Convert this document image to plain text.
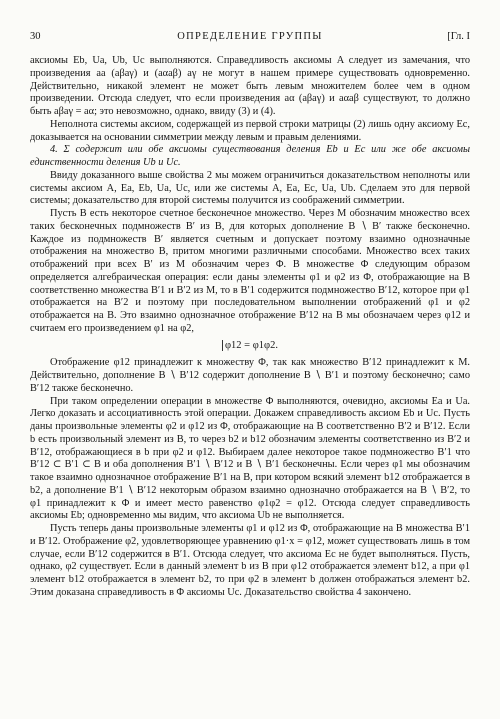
30	ОПРЕДЕЛЕНИЕ ГРУППЫ	[Гл. I

аксиомы Eb, Ua, Ub, Uc выполняются. Справедливость аксиомы A следует из замечания, что произведения aa (aβaγ) и (aαaβ) aγ не могут в нашем примере существовать одновременно. Действительно, никакой элемент не может быть левым множителем более чем в одном произведении. Отсюда следует, что если произведения aα (aβaγ) и aαaβ существуют, то должно быть aβaγ = aα; это невозможно, однако, ввиду (3) и (4).

Неполнота системы аксиом, содержащей из первой строки матрицы (2) лишь одну аксиому Ec, доказывается на основании симметрии между левым и правым делениями.

4. Σ содержит или обе аксиомы существования деления Eb и Ec или же обе аксиомы единственности деления Ub и Uc.

Ввиду доказанного выше свойства 2 мы можем ограничиться доказательством неполноты или системы аксиом A, Ea, Eb, Ua, Uc, или же системы A, Ea, Ec, Ua, Ub. Сделаем это для первой системы; доказательство для второй системы получится из соображений симметрии.

Пусть B есть некоторое счетное бесконечное множество. Через M обозначим множество всех таких бесконечных подмножеств B′ из B, для которых дополнение B ∖ B′ также бесконечно. Каждое из подмножеств B′ является счетным и допускает поэтому взаимно однозначные отображения на множество B, притом многими различными способами. Множество всех таких отображений при всех B′ из M обозначим через Φ. В множестве Φ следующим образом определяется алгебраическая операция: если даны элементы φ1 и φ2 из Φ, отображающие на B соответственно множества B′1 и B′2 из M, то в B′1 содержится подмножество B′12, которое при φ1 отображается на B′2 и поэтому при последовательном выполнении отображений φ1 и φ2 отображается на B. Это взаимно однозначное отображение B′12 на B мы обозначаем через φ12 и считаем его произведением φ1 на φ2,

φ12 = φ1φ2.

Отображение φ12 принадлежит к множеству Φ, так как множество B′12 принадлежит к M. Действительно, дополнение B ∖ B′12 содержит дополнение B ∖ B′1 и поэтому бесконечно; само B′12 также бесконечно.

При таком определении операции в множестве Φ выполняются, очевидно, аксиомы Ea и Ua. Легко доказать и ассоциативность этой операции. Докажем справедливость аксиом Eb и Uc. Пусть даны произвольные элементы φ2 и φ12 из Φ, отображающие на B соответственно B′2 и B′12. Если b есть произвольный элемент из B, то через b2 и b12 обозначим элементы соответственно из B′2 и B′12, отображающиеся в b при φ2 и φ12. Выбираем далее некоторое такое подмножество B′1 что B′12 ⊂ B′1 ⊂ B и оба дополнения B′1 ∖ B′12 и B ∖ B′1 бесконечны. Если через φ1 мы обозначим такое взаимно однозначное отображение B′1 на B, при котором всякий элемент b12 отображается в b2, а дополнение B′1 ∖ B′12 некоторым образом взаимно однозначно отображается на B ∖ B′2, то φ1 принадлежит к Φ и имеет место равенство φ1φ2 = φ12. Отсюда следует справедливость аксиомы Eb; одновременно мы видим, что аксиома Ub не выполняется.

Пусть теперь даны произвольные элементы φ1 и φ12 из Φ, отображающие на B множества B′1 и B′12. Отображение φ2, удовлетворяющее уравнению φ1·x = φ12, может существовать лишь в том случае, если B′12 содержится в B′1. Отсюда следует, что аксиома Ec не будет выполняться. Пусть, однако, φ2 существует. Если в данный элемент b из B при φ12 отображается элемент b12, а при φ1 элемент b12 отображается в элемент b2, то при φ2 в элемент b должен отображаться элемент b2. Этим доказана справедливость в Φ аксиомы Uc. Доказательство свойства 4 закончено.
